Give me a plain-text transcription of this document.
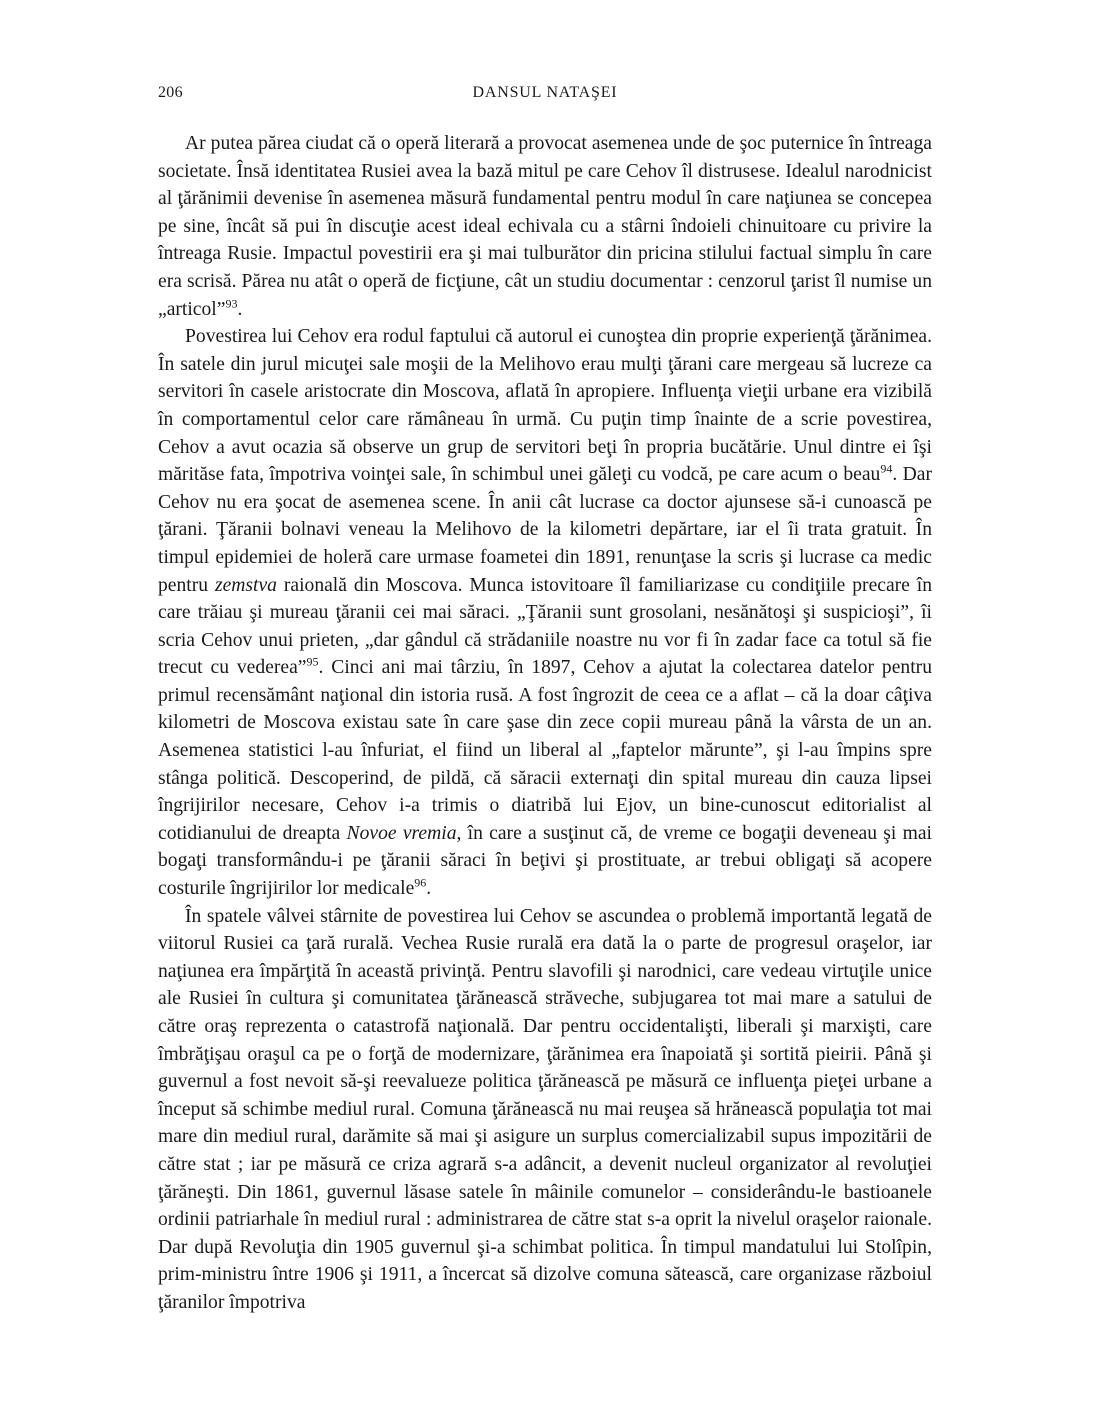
206	DANSUL NATAŞEI

Ar putea părea ciudat că o operă literară a provocat asemenea unde de şoc puternice în întreaga societate. Însă identitatea Rusiei avea la bază mitul pe care Cehov îl distrusese. Idealul narodnicist al ţărănimii devenise în asemenea măsură fundamental pentru modul în care naţiunea se concepea pe sine, încât să pui în discuţie acest ideal echivala cu a stârni îndoieli chinuitoare cu privire la întreaga Rusie. Impactul povestirii era şi mai tulburător din pricina stilului factual simplu în care era scrisă. Părea nu atât o operă de ficţiune, cât un studiu documentar : cenzorul ţarist îl numise un „articol”$^{93}$.

Povestirea lui Cehov era rodul faptului că autorul ei cunoştea din proprie experienţă ţărănimea. În satele din jurul micuţei sale moşii de la Melihovo erau mulţi ţărani care mergeau să lucreze ca servitori în casele aristocrate din Moscova, aflată în apropiere. Influenţa vieţii urbane era vizibilă în comportamentul celor care rămâneau în urmă. Cu puţin timp înainte de a scrie povestirea, Cehov a avut ocazia să observe un grup de servitori beţi în propria bucătărie. Unul dintre ei îşi mărităse fata, împotriva voinţei sale, în schimbul unei găleţi cu vodcă, pe care acum o beau$^{94}$. Dar Cehov nu era şocat de asemenea scene. În anii cât lucrase ca doctor ajunsese să-i cunoască pe ţărani. Ţăranii bolnavi veneau la Melihovo de la kilometri depărtare, iar el îi trata gratuit. În timpul epidemiei de holeră care urmase foametei din 1891, renunţase la scris şi lucrase ca medic pentru zemstva raională din Moscova. Munca istovitoare îl familiarizase cu condiţiile precare în care trăiau şi mureau ţăranii cei mai săraci. „Ţăranii sunt grosolani, nesănătoşi şi suspicioşi”, îi scria Cehov unui prieten, „dar gândul că strădaniile noastre nu vor fi în zadar face ca totul să fie trecut cu vederea”$^{95}$. Cinci ani mai târziu, în 1897, Cehov a ajutat la colectarea datelor pentru primul recensământ naţional din istoria rusă. A fost îngrozit de ceea ce a aflat – că la doar câţiva kilometri de Moscova existau sate în care şase din zece copii mureau până la vârsta de un an. Asemenea statistici l-au înfuriat, el fiind un liberal al „faptelor mărunte”, şi l-au împins spre stânga politică. Descoperind, de pildă, că săracii externaţi din spital mureau din cauza lipsei îngrijirilor necesare, Cehov i-a trimis o diatribă lui Ejov, un bine-cunoscut editorialist al cotidianului de dreapta Novoe vremia, în care a susţinut că, de vreme ce bogaţii deveneau şi mai bogaţi transformându-i pe ţăranii săraci în beţivi şi prostituate, ar trebui obligaţi să acopere costurile îngrijirilor lor medicale$^{96}$.

În spatele vâlvei stârnite de povestirea lui Cehov se ascundea o problemă importantă legată de viitorul Rusiei ca ţară rurală. Vechea Rusie rurală era dată la o parte de progresul oraşelor, iar naţiunea era împărţită în această privinţă. Pentru slavofili şi narodnici, care vedeau virtuţile unice ale Rusiei în cultura şi comunitatea ţărănească străveche, subjugarea tot mai mare a satului de către oraş reprezenta o catastrofă naţională. Dar pentru occidentalişti, liberali şi marxişti, care îmbrăţişau oraşul ca pe o forţă de modernizare, ţărănimea era înapoiată şi sortită pieirii. Până şi guvernul a fost nevoit să-şi reevalueze politica ţărănească pe măsură ce influenţa pieţei urbane a început să schimbe mediul rural. Comuna ţărănească nu mai reuşea să hrănească populaţia tot mai mare din mediul rural, darămite să mai şi asigure un surplus comercializabil supus impozitării de către stat ; iar pe măsură ce criza agrară s-a adâncit, a devenit nucleul organizator al revoluţiei ţărăneşti. Din 1861, guvernul lăsase satele în mâinile comunelor – considerându-le bastioanele ordinii patriarhale în mediul rural : administrarea de către stat s-a oprit la nivelul oraşelor raionale. Dar după Revoluţia din 1905 guvernul şi-a schimbat politica. În timpul mandatului lui Stolîpin, prim-ministru între 1906 şi 1911, a încercat să dizolve comuna sătească, care organizase războiul ţăranilor împotriva
